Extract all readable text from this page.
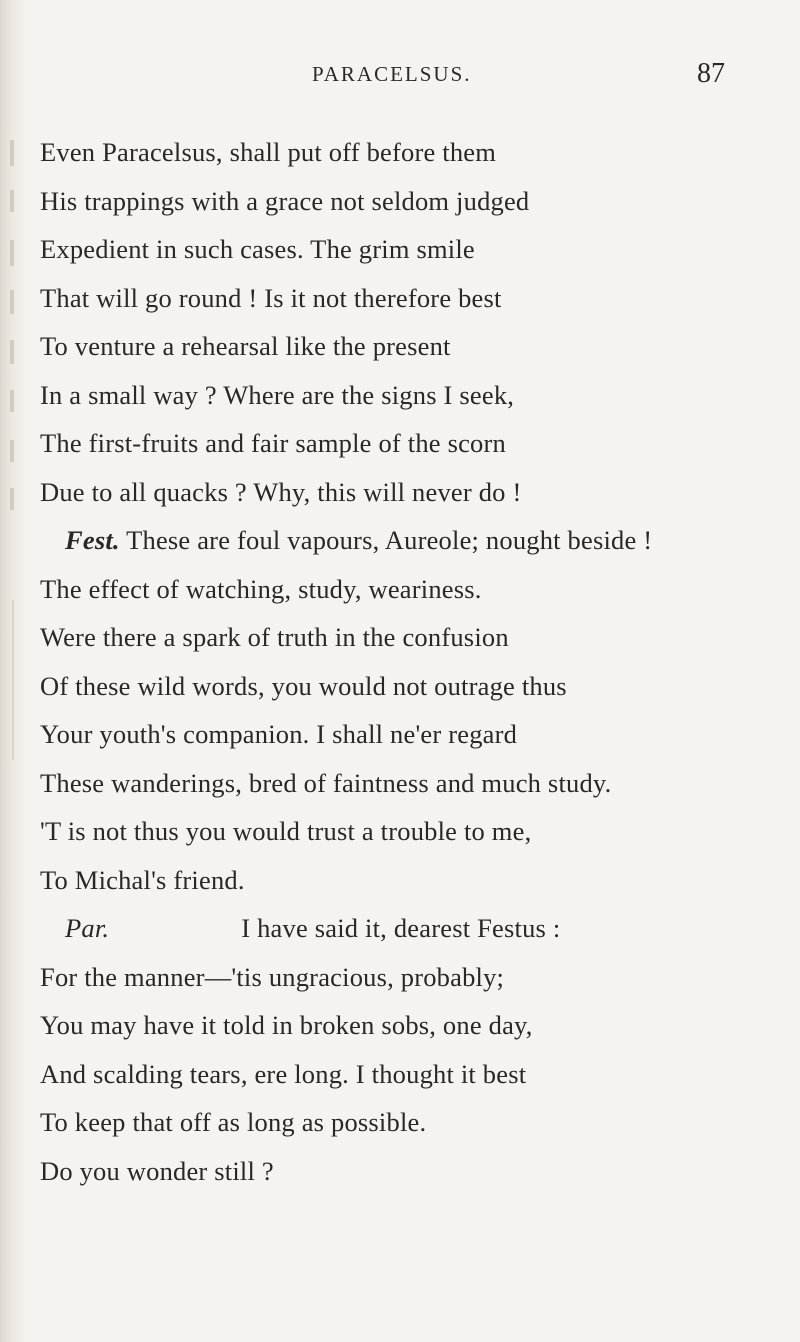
PARACELSUS.	87
Even Paracelsus, shall put off before them
His trappings with a grace not seldom judged
Expedient in such cases. The grim smile
That will go round ! Is it not therefore best
To venture a rehearsal like the present
In a small way ? Where are the signs I seek,
The first-fruits and fair sample of the scorn
Due to all quacks ? Why, this will never do !
Fest. These are foul vapours, Aureole; nought beside !
The effect of watching, study, weariness.
Were there a spark of truth in the confusion
Of these wild words, you would not outrage thus
Your youth's companion. I shall ne'er regard
These wanderings, bred of faintness and much study.
'T is not thus you would trust a trouble to me,
To Michal's friend.
Par.	I have said it, dearest Festus :
For the manner—'tis ungracious, probably;
You may have it told in broken sobs, one day,
And scalding tears, ere long. I thought it best
To keep that off as long as possible.
Do you wonder still ?
